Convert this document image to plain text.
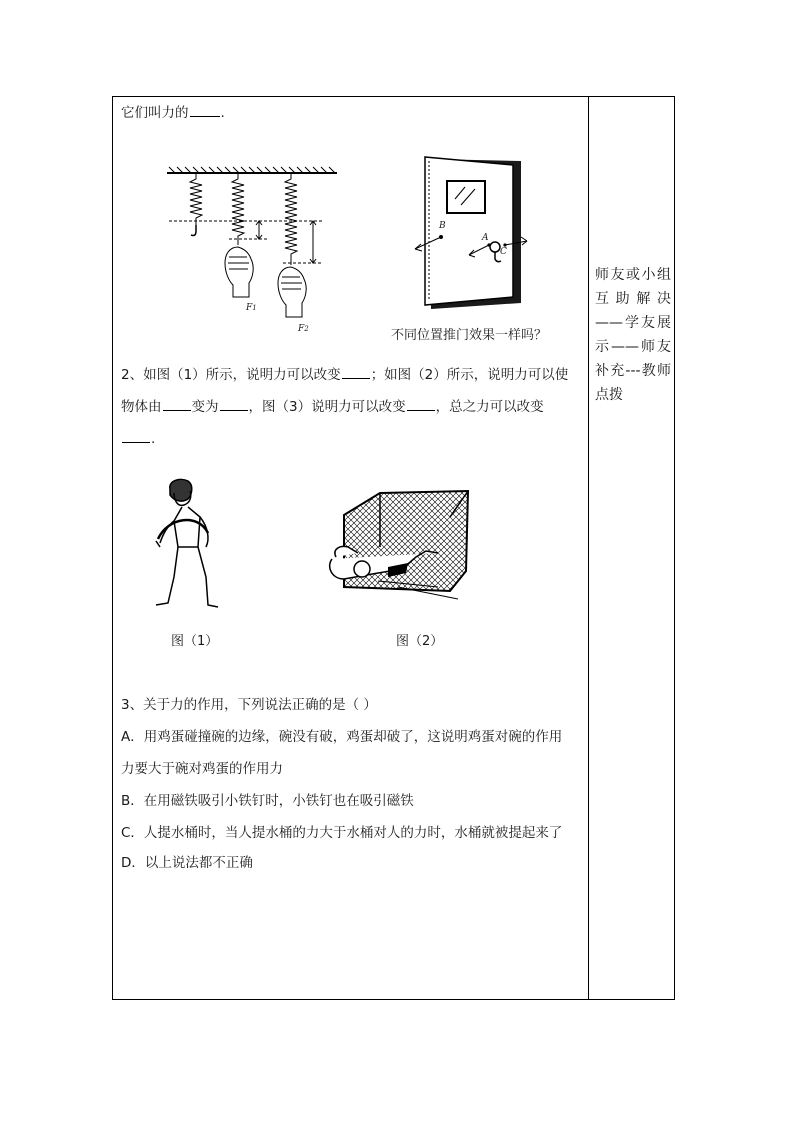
它们叫力的 .
F1
F2
B
A
C
不同位置推门效果一样吗？
2、如图（1）所示，说明力可以改变 ；如图（2）所示，说明力可以使
物体由 变为 ，图（3）说明力可以改变 ，总之力可以改变
.
图（1）	图（2）
3、关于力的作用，下列说法正确的是（ ）
A．用鸡蛋碰撞碗的边缘，碗没有破，鸡蛋却破了，这说明鸡蛋对碗的作用
力要大于碗对鸡蛋的作用力
B．在用磁铁吸引小铁钉时，小铁钉也在吸引磁铁
C．人提水桶时，当人提水桶的力大于水桶对人的力时，水桶就被提起来了
D．以上说法都不正确
师友或小组互助解决——学友展示——师友补充---教师点拨
